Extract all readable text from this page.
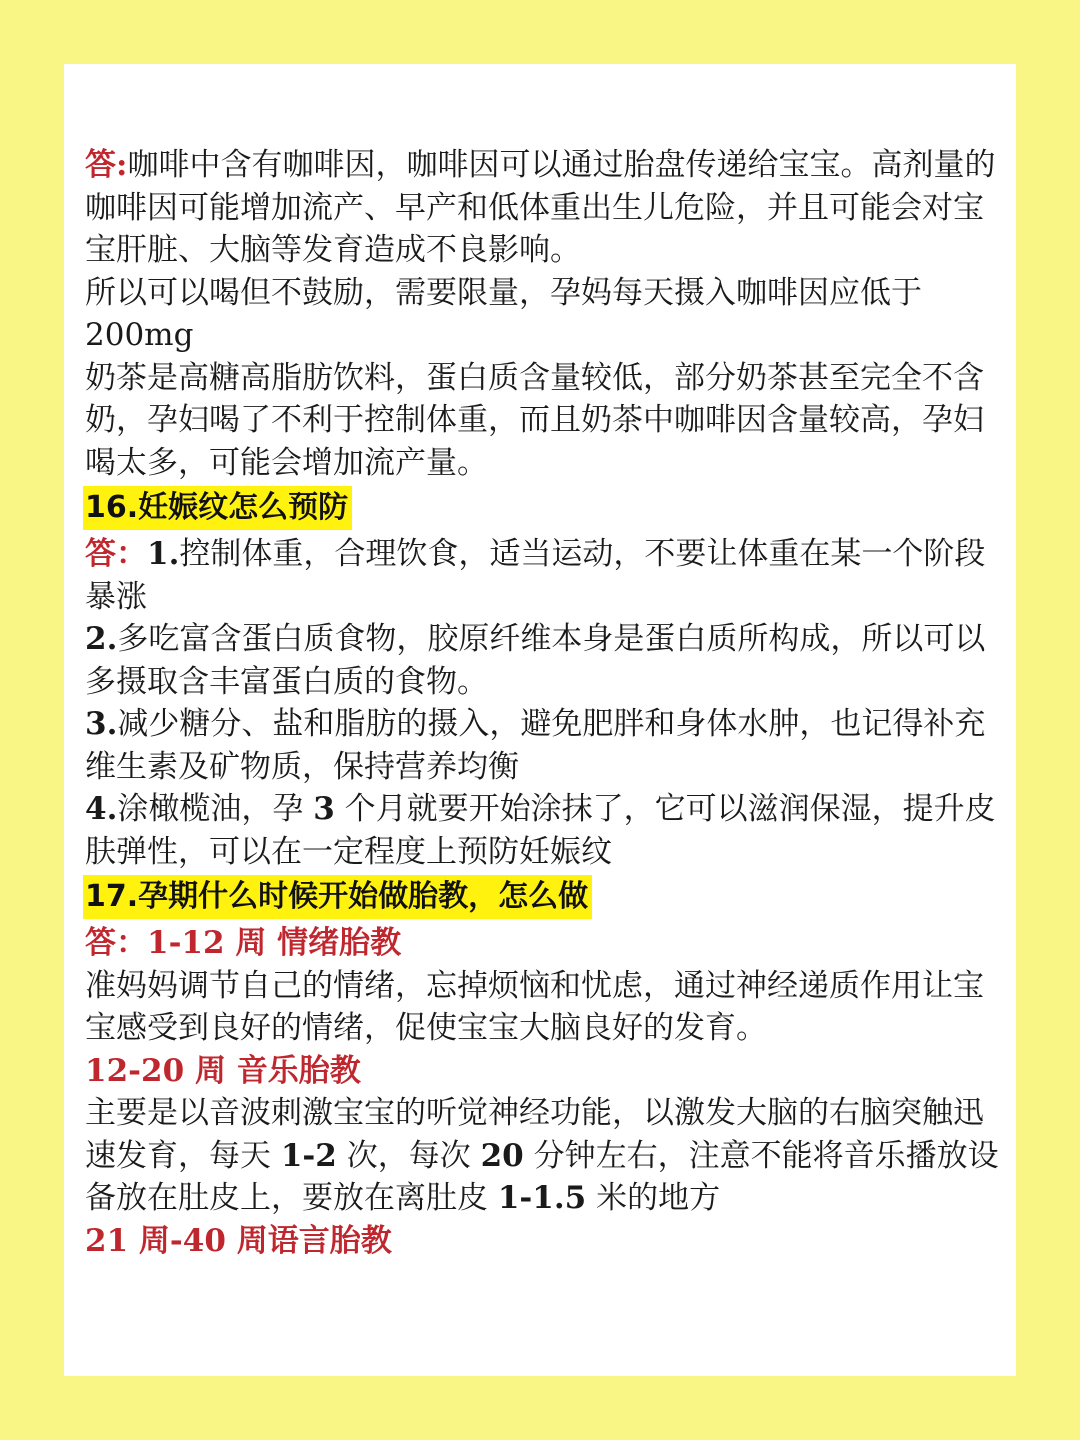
答:咖啡中含有咖啡因，咖啡因可以通过胎盘传递给宝宝。高剂量的咖啡因可能增加流产、早产和低体重出生儿危险，并且可能会对宝宝肝脏、大脑等发育造成不良影响。

所以可以喝但不鼓励，需要限量，孕妈每天摄入咖啡因应低于200mg

奶茶是高糖高脂肪饮料，蛋白质含量较低，部分奶茶甚至完全不含奶，孕妇喝了不利于控制体重，而且奶茶中咖啡因含量较高，孕妇喝太多，可能会增加流产量。

16.妊娠纹怎么预防

答：1.控制体重，合理饮食，适当运动，不要让体重在某一个阶段暴涨

2.多吃富含蛋白质食物，胶原纤维本身是蛋白质所构成，所以可以多摄取含丰富蛋白质的食物。

3.减少糖分、盐和脂肪的摄入，避免肥胖和身体水肿，也记得补充维生素及矿物质，保持营养均衡

4.涂橄榄油，孕 3 个月就要开始涂抹了，它可以滋润保湿，提升皮肤弹性，可以在一定程度上预防妊娠纹

17.孕期什么时候开始做胎教，怎么做

答：1-12 周 情绪胎教

准妈妈调节自己的情绪，忘掉烦恼和忧虑，通过神经递质作用让宝宝感受到良好的情绪，促使宝宝大脑良好的发育。

12-20 周 音乐胎教

主要是以音波刺激宝宝的听觉神经功能，以激发大脑的右脑突触迅速发育，每天 1-2 次，每次 20 分钟左右，注意不能将音乐播放设备放在肚皮上，要放在离肚皮 1-1.5 米的地方

21 周-40 周语言胎教
